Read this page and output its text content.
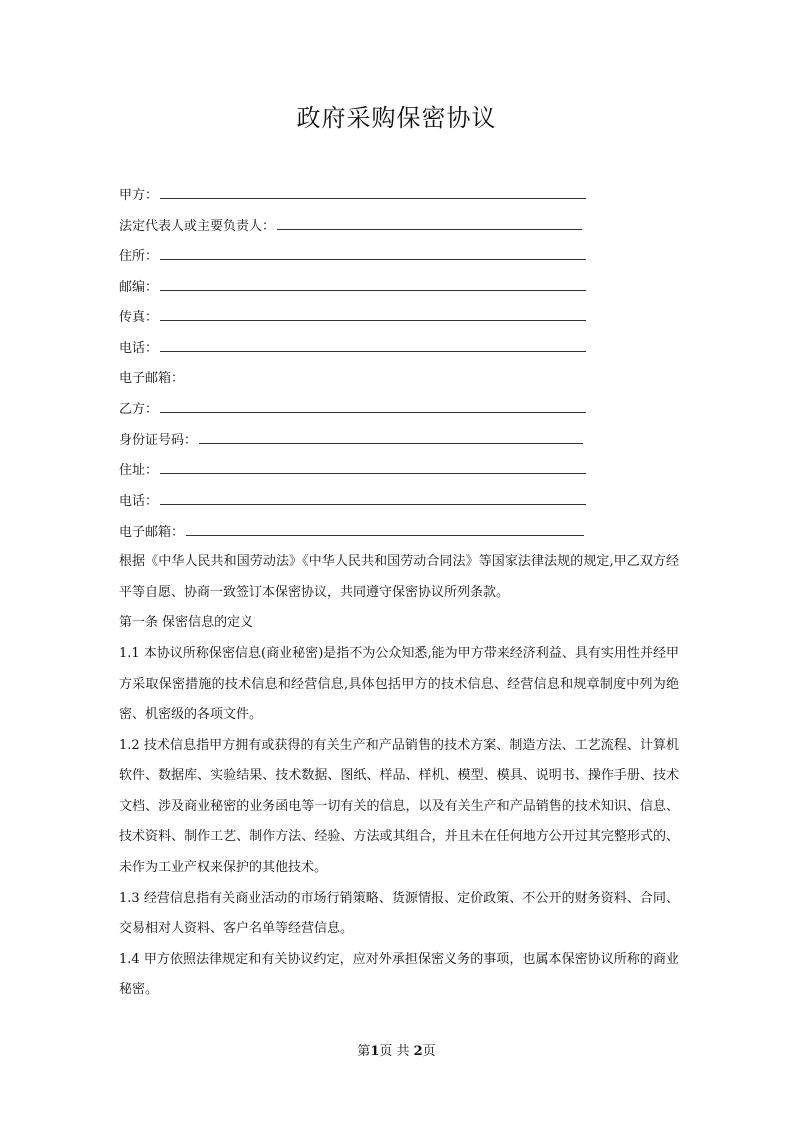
政府采购保密协议
甲方：
法定代表人或主要负责人：
住所：
邮编：
传真：
电话：
电子邮箱：
乙方：
身份证号码：
住址：
电话：
电子邮箱：

根据《中华人民共和国劳动法》《中华人民共和国劳动合同法》等国家法律法规的规定,甲乙双方经平等自愿、协商一致签订本保密协议，共同遵守保密协议所列条款。

第一条 保密信息的定义

1.1 本协议所称保密信息(商业秘密)是指不为公众知悉,能为甲方带来经济利益、具有实用性并经甲方采取保密措施的技术信息和经营信息,具体包括甲方的技术信息、经营信息和规章制度中列为绝密、机密级的各项文件。

1.2 技术信息指甲方拥有或获得的有关生产和产品销售的技术方案、制造方法、工艺流程、计算机软件、数据库、实验结果、技术数据、图纸、样品、样机、模型、模具、说明书、操作手册、技术文档、涉及商业秘密的业务函电等一切有关的信息，以及有关生产和产品销售的技术知识、信息、技术资料、制作工艺、制作方法、经验、方法或其组合，并且未在任何地方公开过其完整形式的、未作为工业产权来保护的其他技术。

1.3 经营信息指有关商业活动的市场行销策略、货源情报、定价政策、不公开的财务资料、合同、交易相对人资料、客户名单等经营信息。

1.4 甲方依照法律规定和有关协议约定，应对外承担保密义务的事项，也属本保密协议所称的商业秘密。

第1页 共 2页
